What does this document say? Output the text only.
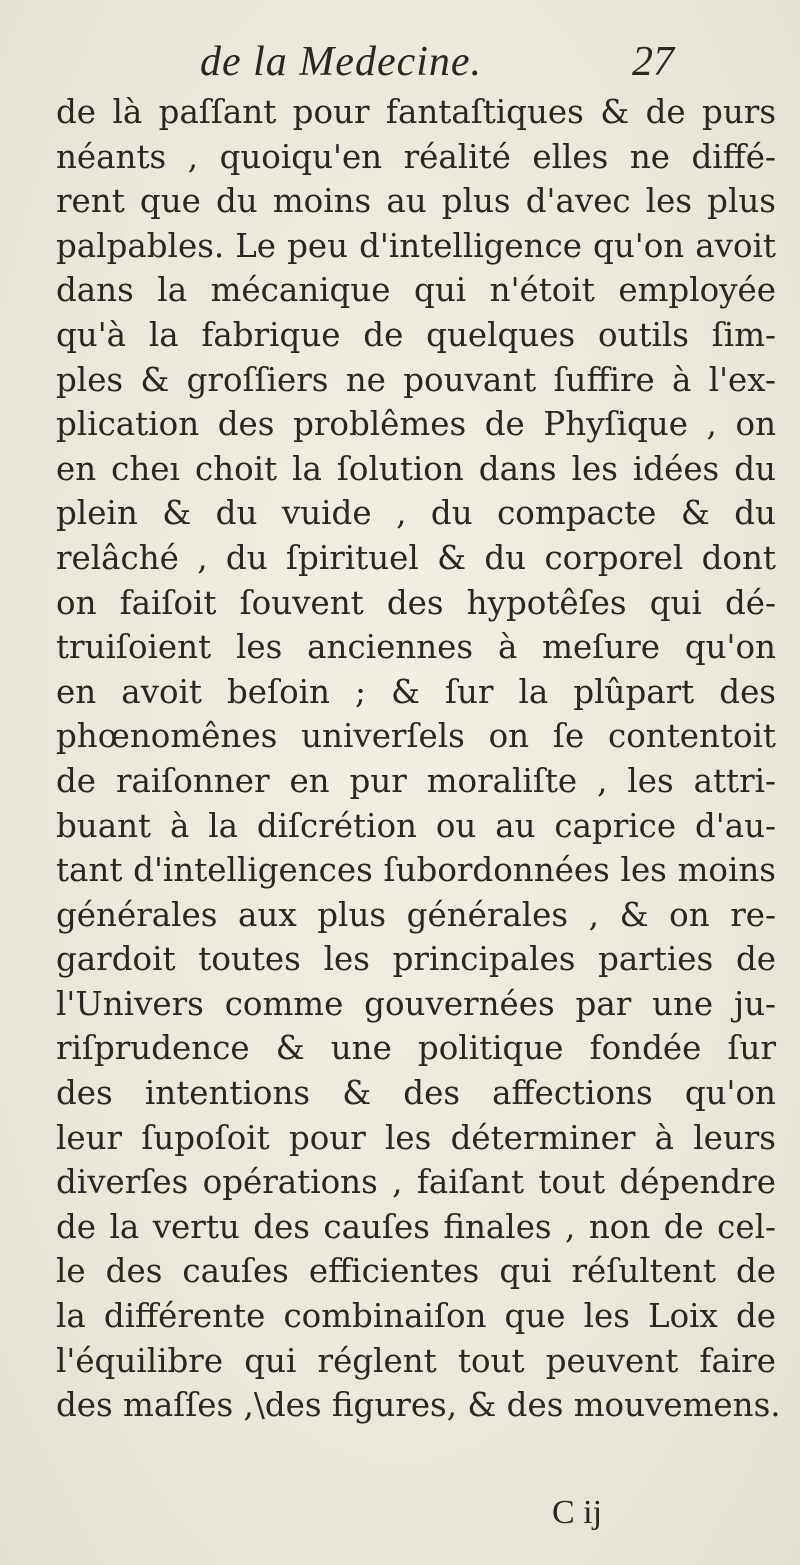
de la Medecine.	27
de là paſſant pour fantaſtiques & de purs
néants , quoiqu'en réalité elles ne diffé-
rent que du moins au plus d'avec les plus
palpables. Le peu d'intelligence qu'on avoit
dans la mécanique qui n'étoit employée
qu'à la fabrique de quelques outils ſim-
ples & groſſiers ne pouvant ſuffire à l'ex-
plication des problêmes de Phyſique , on
en cheı choit la ſolution dans les idées du
plein & du vuide , du compacte & du
relâché , du ſpirituel & du corporel dont
on faiſoit ſouvent des hypotêſes qui dé-
truiſoient les anciennes à meſure qu'on
en avoit beſoin ; & ſur la plûpart des
phœnomênes univerſels on ſe contentoit
de raiſonner en pur moraliſte , les attri-
buant à la diſcrétion ou au caprice d'au-
tant d'intelligences ſubordonnées les moins
générales aux plus générales , & on re-
gardoit toutes les principales parties de
l'Univers comme gouvernées par une ju-
riſprudence & une politique fondée ſur
des intentions & des affections qu'on
leur ſupoſoit pour les déterminer à leurs
diverſes opérations , faiſant tout dépendre
de la vertu des cauſes finales , non de cel-
le des cauſes efficientes qui réſultent de
la différente combinaiſon que les Loix de
l'équilibre qui réglent tout peuvent faire
des maſſes ,\des figures, & des mouvemens.
C ij
